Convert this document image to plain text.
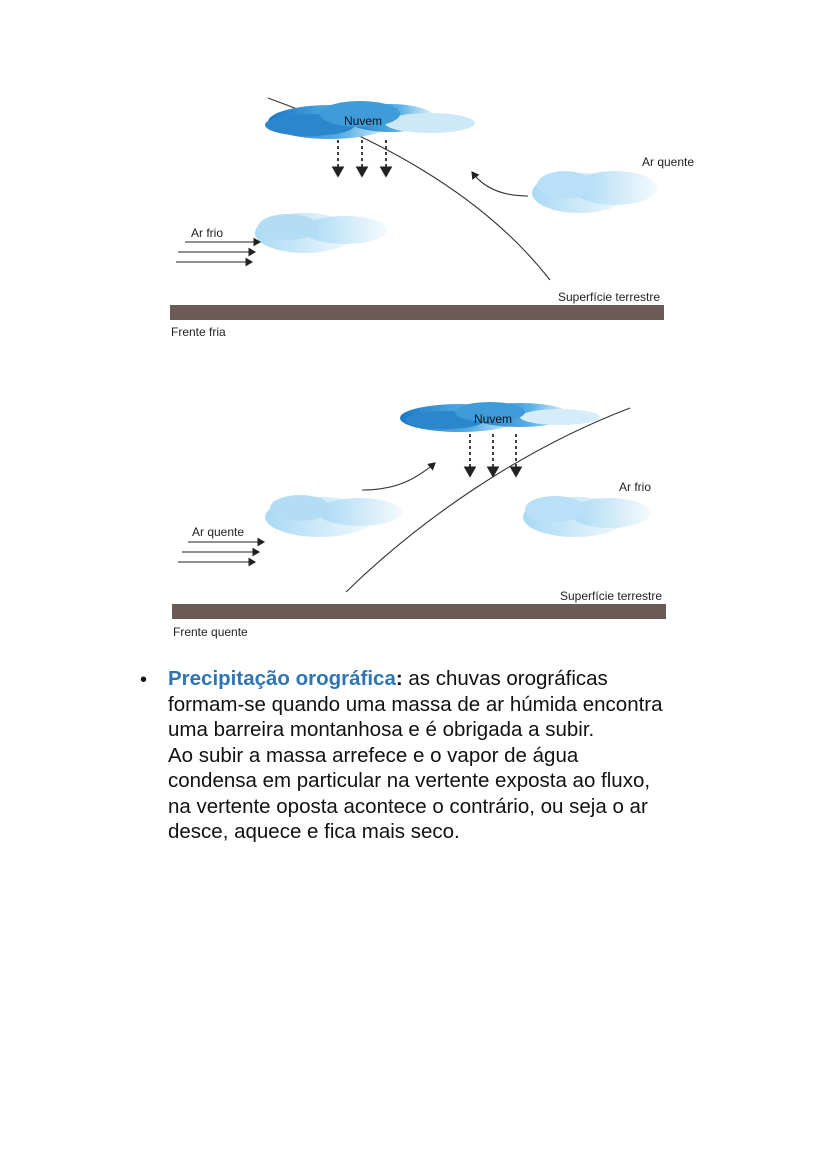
Nuvem
Ar quente
Ar frio
Superfície terrestre
Frente fria
Nuvem
Ar frio
Ar quente
Superfície terrestre
Frente quente
• Precipitação orográfica: as chuvas orográficas
formam-se quando uma massa de ar húmida encontra
uma barreira montanhosa e é obrigada a subir.
Ao subir a massa arrefece e o vapor de água
condensa em particular na vertente exposta ao fluxo,
na vertente oposta acontece o contrário, ou seja o ar
desce, aquece e fica mais seco.
